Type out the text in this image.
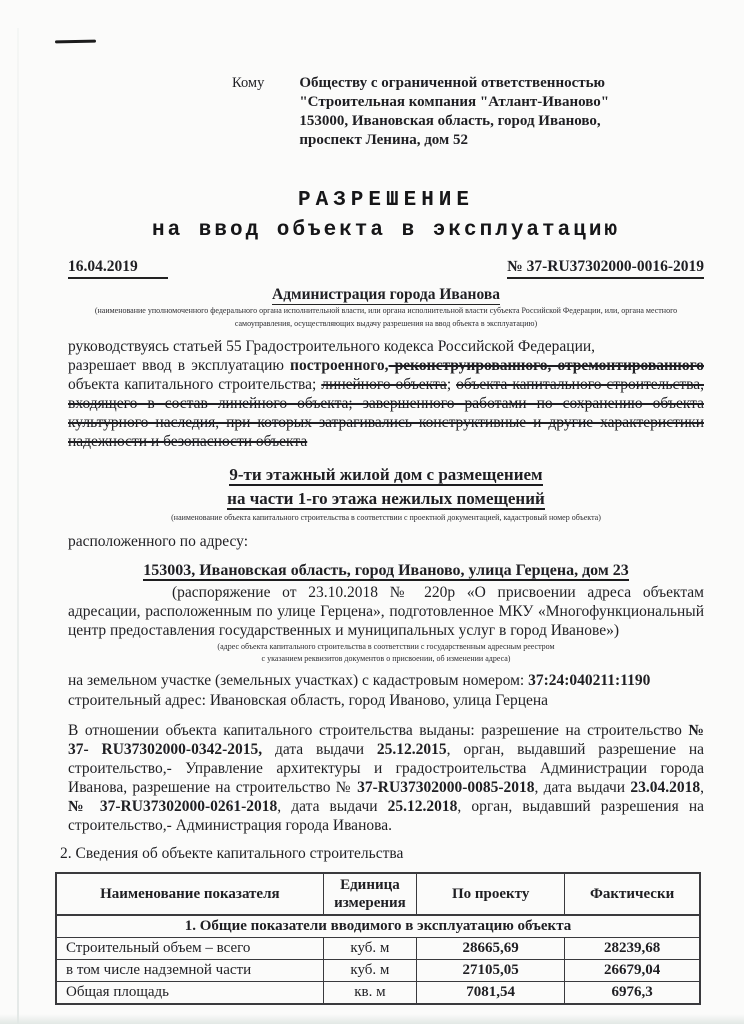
Кому Обществу с ограниченной ответственностью
"Строительная компания "Атлант-Иваново"
153000, Ивановская область, город Иваново,
проспект Ленина, дом 52
РАЗРЕШЕНИЕ
на ввод объекта в эксплуатацию
16.04.2019	№ 37-RU37302000-0016-2019
Администрация города Иванова
(наименование уполномоченного федерального органа исполнительной власти, или органа исполнительной власти субъекта Российской Федерации, или, органа местного
самоуправления, осуществляющих выдачу разрешения на ввод объекта в эксплуатацию)
руководствуясь статьей 55 Градостроительного кодекса Российской Федерации,
разрешает ввод в эксплуатацию построенного, реконструированного, отремонтированного объекта капитального строительства; линейного объекта; объекта капитального строительства, входящего в состав линейного объекта; завершенного работами по сохранению объекта культурного наследия, при которых затрагивались конструктивные и другие характеристики надежности и безопасности объекта
9-ти этажный жилой дом с размещением
на части 1-го этажа нежилых помещений
(наименование объекта капитального строительства в соответствии с проектной документацией, кадастровый номер объекта)
расположенного по адресу:
153003, Ивановская область, город Иваново, улица Герцена, дом 23
(распоряжение от 23.10.2018 № 220р «О присвоении адреса объектам адресации, расположенным по улице Герцена», подготовленное МКУ «Многофункциональный центр предоставления государственных и муниципальных услуг в город Иванове»)
(адрес объекта капитального строительства в соответствии с государственным адресным реестром
с указанием реквизитов документов о присвоении, об изменении адреса)
на земельном участке (земельных участках) с кадастровым номером: 37:24:040211:1190
строительный адрес: Ивановская область, город Иваново, улица Герцена
В отношении объекта капитального строительства выданы: разрешение на строительство № 37- RU37302000-0342-2015, дата выдачи 25.12.2015, орган, выдавший разрешение на строительство,- Управление архитектуры и градостроительства Администрации города Иванова, разрешение на строительство № 37-RU37302000-0085-2018, дата выдачи 23.04.2018, № 37-RU37302000-0261-2018, дата выдачи 25.12.2018, орган, выдавший разрешения на строительство,- Администрация города Иванова.
2. Сведения об объекте капитального строительства
Наименование показателя	Единица измерения	По проекту	Фактически
1. Общие показатели вводимого в эксплуатацию объекта			
Строительный объем – всего	куб. м	28665,69	28239,68
в том числе надземной части	куб. м	27105,05	26679,04
Общая площадь	кв. м	7081,54	6976,3
